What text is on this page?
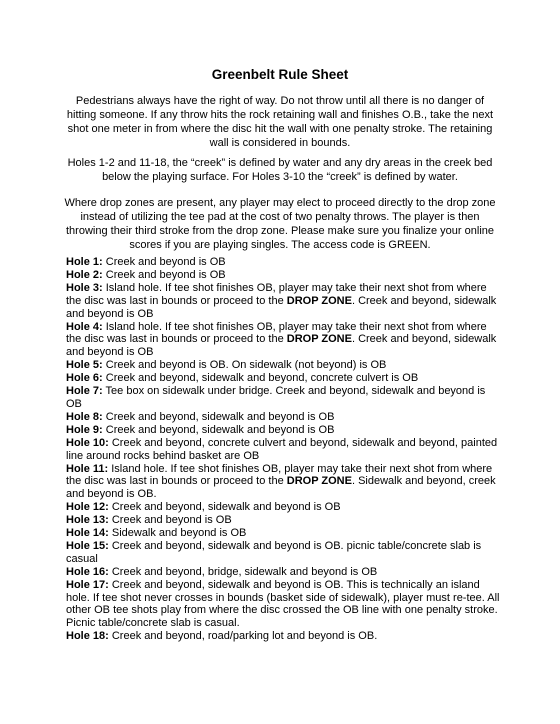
Greenbelt Rule Sheet

Pedestrians always have the right of way. Do not throw until all there is no danger of hitting someone. If any throw hits the rock retaining wall and finishes O.B., take the next shot one meter in from where the disc hit the wall with one penalty stroke. The retaining wall is considered in bounds.

Holes 1-2 and 11-18, the “creek” is defined by water and any dry areas in the creek bed below the playing surface. For Holes 3-10 the “creek” is defined by water.

Where drop zones are present, any player may elect to proceed directly to the drop zone instead of utilizing the tee pad at the cost of two penalty throws. The player is then throwing their third stroke from the drop zone. Please make sure you finalize your online scores if you are playing singles. The access code is GREEN.

Hole 1: Creek and beyond is OB

Hole 2: Creek and beyond is OB

Hole 3: Island hole. If tee shot finishes OB, player may take their next shot from where the disc was last in bounds or proceed to the DROP ZONE. Creek and beyond, sidewalk and beyond is OB

Hole 4: Island hole. If tee shot finishes OB, player may take their next shot from where the disc was last in bounds or proceed to the DROP ZONE. Creek and beyond, sidewalk and beyond is OB

Hole 5: Creek and beyond is OB. On sidewalk (not beyond) is OB

Hole 6: Creek and beyond, sidewalk and beyond, concrete culvert is OB

Hole 7: Tee box on sidewalk under bridge. Creek and beyond, sidewalk and beyond is OB

Hole 8: Creek and beyond, sidewalk and beyond is OB

Hole 9: Creek and beyond, sidewalk and beyond is OB

Hole 10: Creek and beyond, concrete culvert and beyond, sidewalk and beyond, painted line around rocks behind basket are OB

Hole 11: Island hole. If tee shot finishes OB, player may take their next shot from where the disc was last in bounds or proceed to the DROP ZONE. Sidewalk and beyond, creek and beyond is OB.

Hole 12: Creek and beyond, sidewalk and beyond is OB

Hole 13: Creek and beyond is OB

Hole 14: Sidewalk and beyond is OB

Hole 15: Creek and beyond, sidewalk and beyond is OB. picnic table/concrete slab is casual

Hole 16: Creek and beyond, bridge, sidewalk and beyond is OB

Hole 17: Creek and beyond, sidewalk and beyond is OB. This is technically an island hole. If tee shot never crosses in bounds (basket side of sidewalk), player must re-tee. All other OB tee shots play from where the disc crossed the OB line with one penalty stroke. Picnic table/concrete slab is casual.

Hole 18: Creek and beyond, road/parking lot and beyond is OB.
